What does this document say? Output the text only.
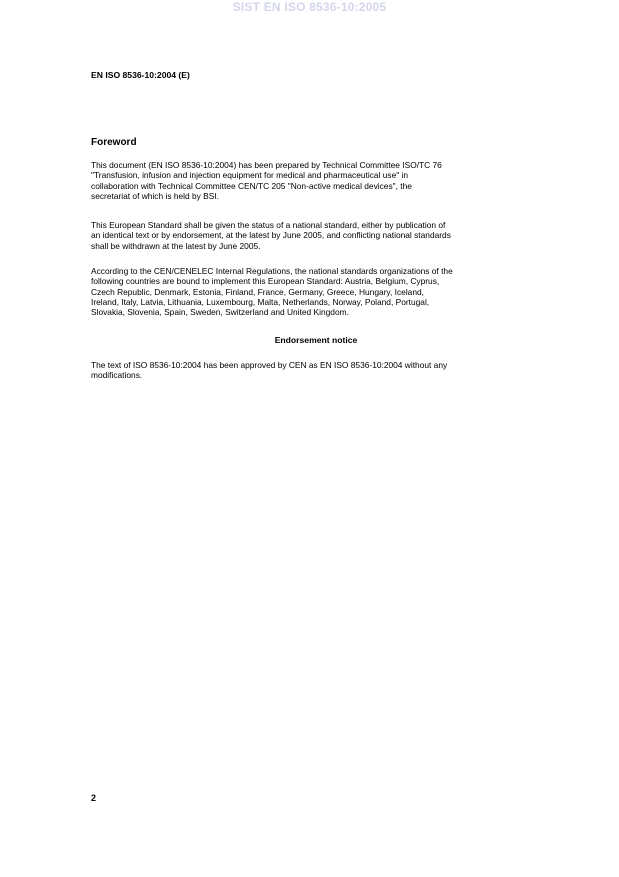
SIST EN ISO 8536-10:2005
EN ISO 8536-10:2004 (E)
Foreword
This document (EN ISO 8536-10:2004) has been prepared by Technical Committee ISO/TC 76
"Transfusion, infusion and injection equipment for medical and pharmaceutical use" in
collaboration with Technical Committee CEN/TC 205 "Non-active medical devices", the
secretariat of which is held by BSI.
This European Standard shall be given the status of a national standard, either by publication of
an identical text or by endorsement, at the latest by June 2005, and conflicting national standards
shall be withdrawn at the latest by June 2005.
According to the CEN/CENELEC Internal Regulations, the national standards organizations of the
following countries are bound to implement this European Standard: Austria, Belgium, Cyprus,
Czech Republic, Denmark, Estonia, Finland, France, Germany, Greece, Hungary, Iceland,
Ireland, Italy, Latvia, Lithuania, Luxembourg, Malta, Netherlands, Norway, Poland, Portugal,
Slovakia, Slovenia, Spain, Sweden, Switzerland and United Kingdom.
Endorsement notice
The text of ISO 8536-10:2004 has been approved by CEN as EN ISO 8536-10:2004 without any
modifications.
2
